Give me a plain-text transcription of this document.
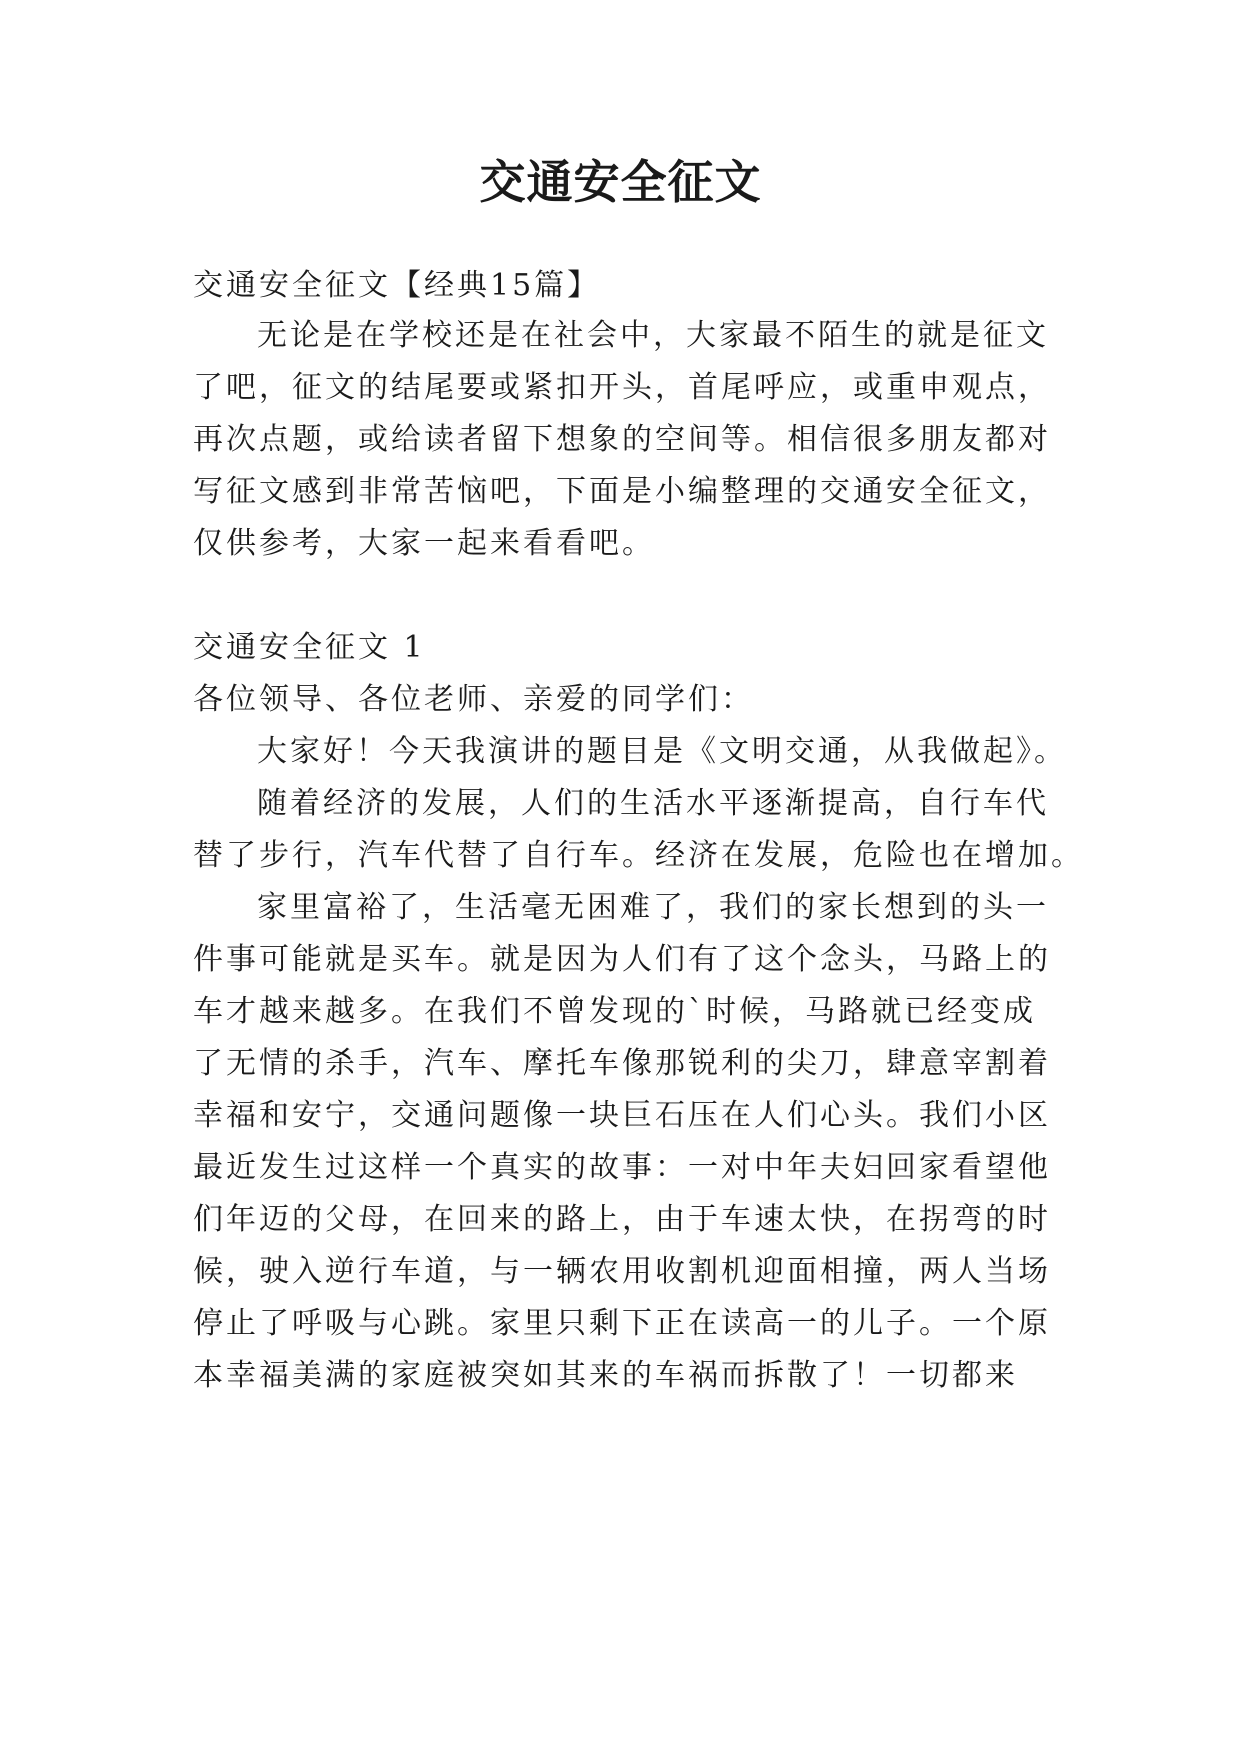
交通安全征文
交通安全征文【经典15篇】
无论是在学校还是在社会中，大家最不陌生的就是征文
了吧，征文的结尾要或紧扣开头，首尾呼应，或重申观点，
再次点题，或给读者留下想象的空间等。相信很多朋友都对
写征文感到非常苦恼吧，下面是小编整理的交通安全征文，
仅供参考，大家一起来看看吧。
交通安全征文 1
各位领导、各位老师、亲爱的同学们：
大家好！今天我演讲的题目是《文明交通，从我做起》。
随着经济的发展，人们的生活水平逐渐提高，自行车代
替了步行，汽车代替了自行车。经济在发展，危险也在增加。
家里富裕了，生活毫无困难了，我们的家长想到的头一
件事可能就是买车。就是因为人们有了这个念头，马路上的
车才越来越多。在我们不曾发现的`时候，马路就已经变成
了无情的杀手，汽车、摩托车像那锐利的尖刀，肆意宰割着
幸福和安宁，交通问题像一块巨石压在人们心头。我们小区
最近发生过这样一个真实的故事：一对中年夫妇回家看望他
们年迈的父母，在回来的路上，由于车速太快，在拐弯的时
候，驶入逆行车道，与一辆农用收割机迎面相撞，两人当场
停止了呼吸与心跳。家里只剩下正在读高一的儿子。一个原
本幸福美满的家庭被突如其来的车祸而拆散了！一切都来
